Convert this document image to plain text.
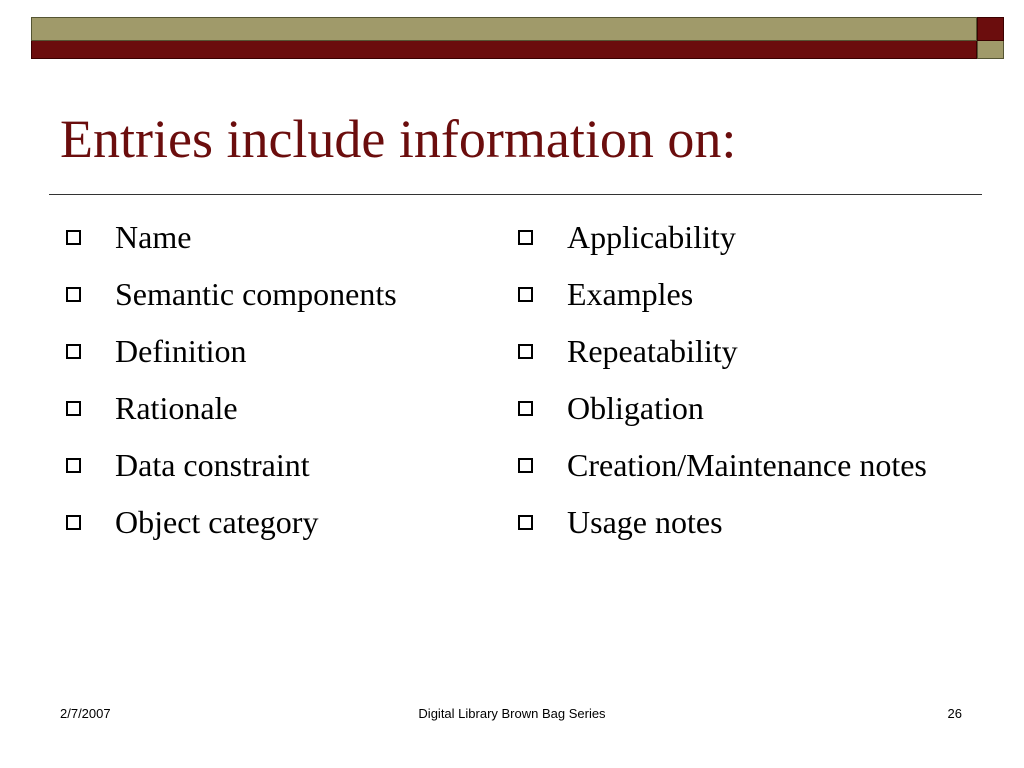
Entries include information on:
Name
Semantic components
Definition
Rationale
Data constraint
Object category
Applicability
Examples
Repeatability
Obligation
Creation/Maintenance notes
Usage notes
2/7/2007	Digital Library Brown Bag Series	26
